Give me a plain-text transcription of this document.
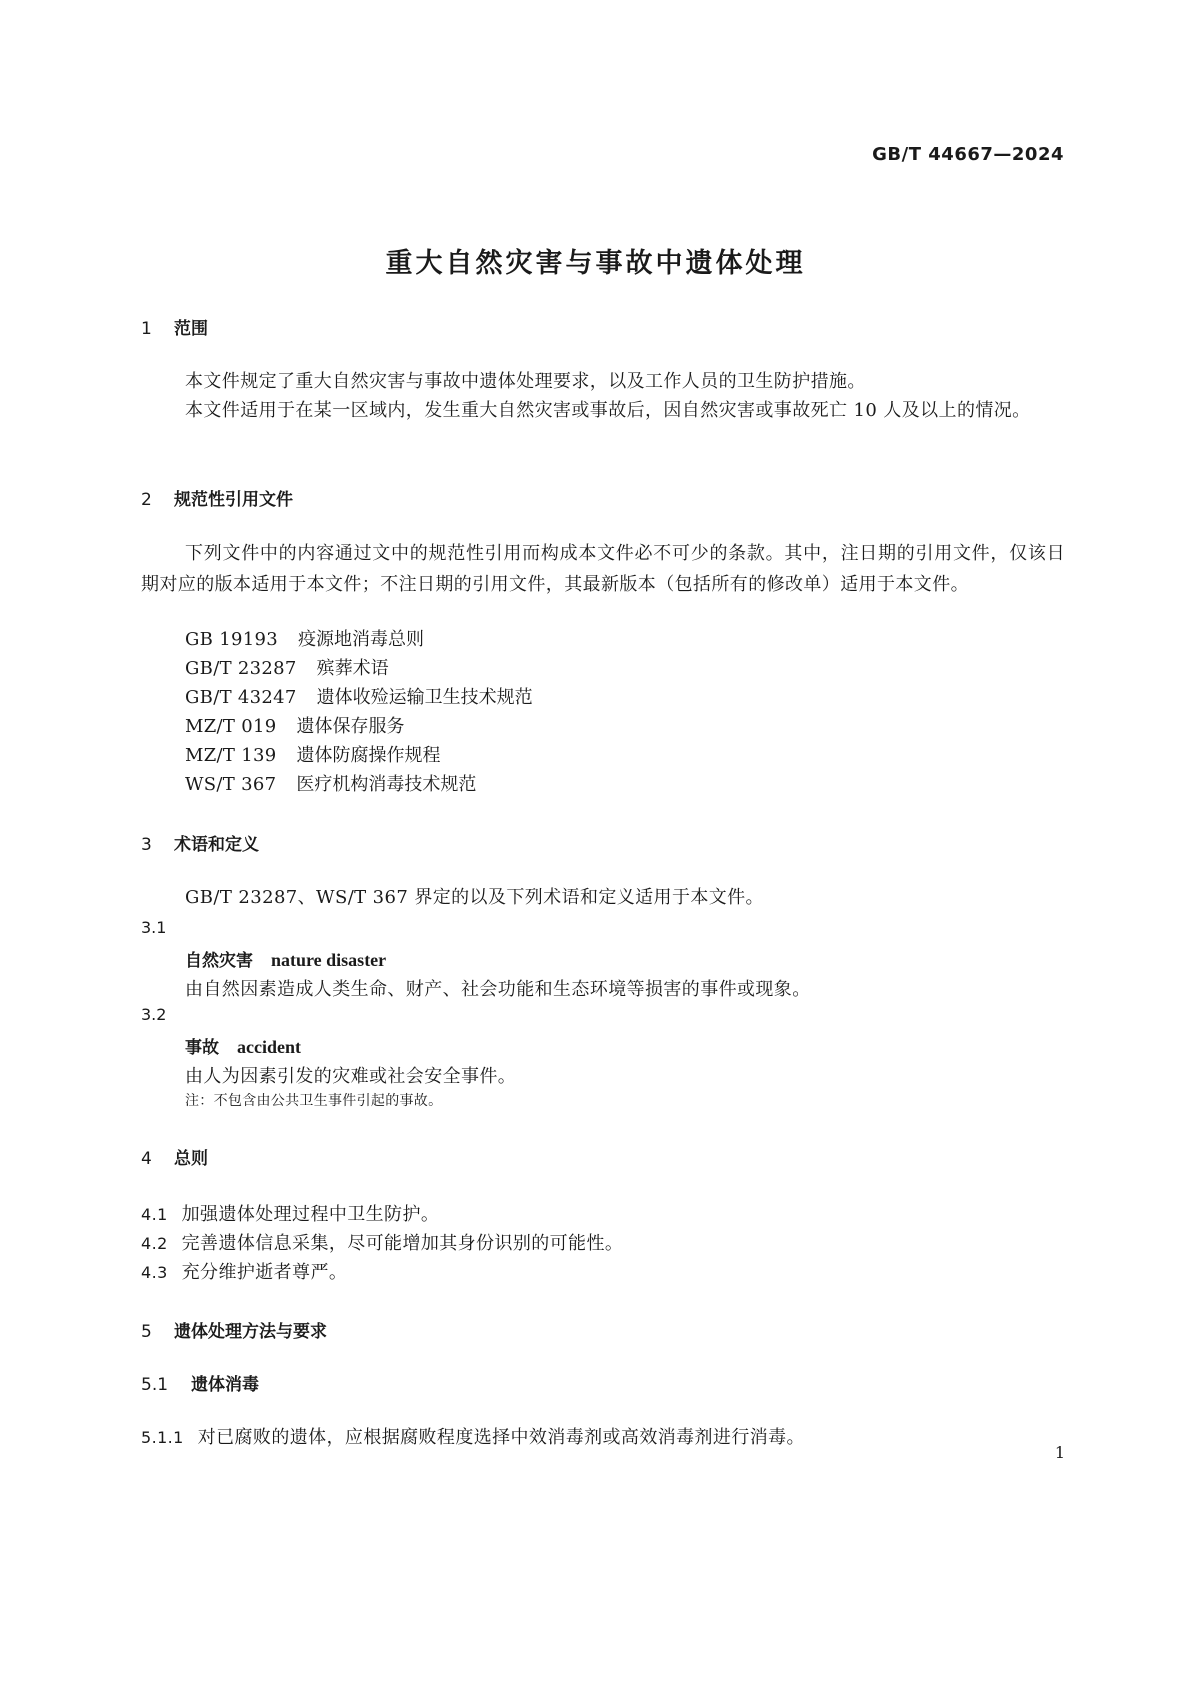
GB/T 44667—2024
重大自然灾害与事故中遗体处理
1 范围
本文件规定了重大自然灾害与事故中遗体处理要求，以及工作人员的卫生防护措施。
本文件适用于在某一区域内，发生重大自然灾害或事故后，因自然灾害或事故死亡 10 人及以上的情况。
2 规范性引用文件
下列文件中的内容通过文中的规范性引用而构成本文件必不可少的条款。其中，注日期的引用文件，仅该日期对应的版本适用于本文件；不注日期的引用文件，其最新版本（包括所有的修改单）适用于本文件。
GB 19193 疫源地消毒总则
GB/T 23287 殡葬术语
GB/T 43247 遗体收殓运输卫生技术规范
MZ/T 019 遗体保存服务
MZ/T 139 遗体防腐操作规程
WS/T 367 医疗机构消毒技术规范
3 术语和定义
GB/T 23287、WS/T 367 界定的以及下列术语和定义适用于本文件。
3.1
自然灾害 nature disaster
由自然因素造成人类生命、财产、社会功能和生态环境等损害的事件或现象。
3.2
事故 accident
由人为因素引发的灾难或社会安全事件。
注：不包含由公共卫生事件引起的事故。
4 总则
4.1 加强遗体处理过程中卫生防护。
4.2 完善遗体信息采集，尽可能增加其身份识别的可能性。
4.3 充分维护逝者尊严。
5 遗体处理方法与要求
5.1 遗体消毒
5.1.1 对已腐败的遗体，应根据腐败程度选择中效消毒剂或高效消毒剂进行消毒。
1
